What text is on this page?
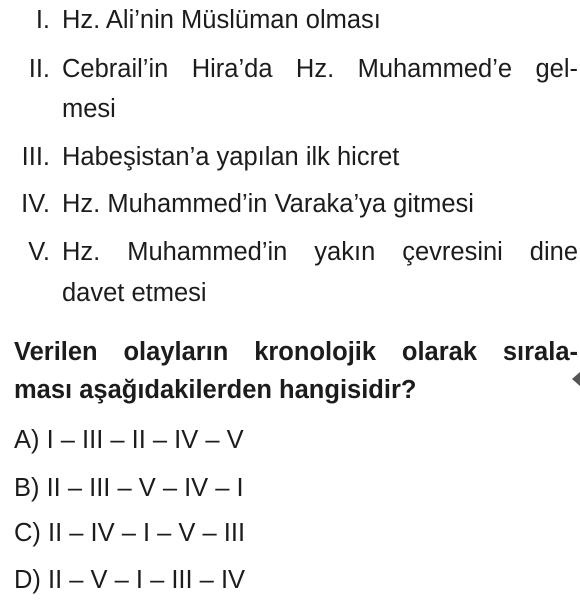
I. Hz. Ali’nin Müslüman olması
II. Cebrail’in Hira’da Hz. Muhammed’e gel-
mesi
III. Habeşistan’a yapılan ilk hicret
IV. Hz. Muhammed’in Varaka’ya gitmesi
V. Hz. Muhammed’in yakın çevresini dine
davet etmesi
Verilen olayların kronolojik olarak sırala-
ması aşağıdakilerden hangisidir?
A) I – III – II – IV – V
B) II – III – V – IV – I
C) II – IV – I – V – III
D) II – V – I – III – IV
